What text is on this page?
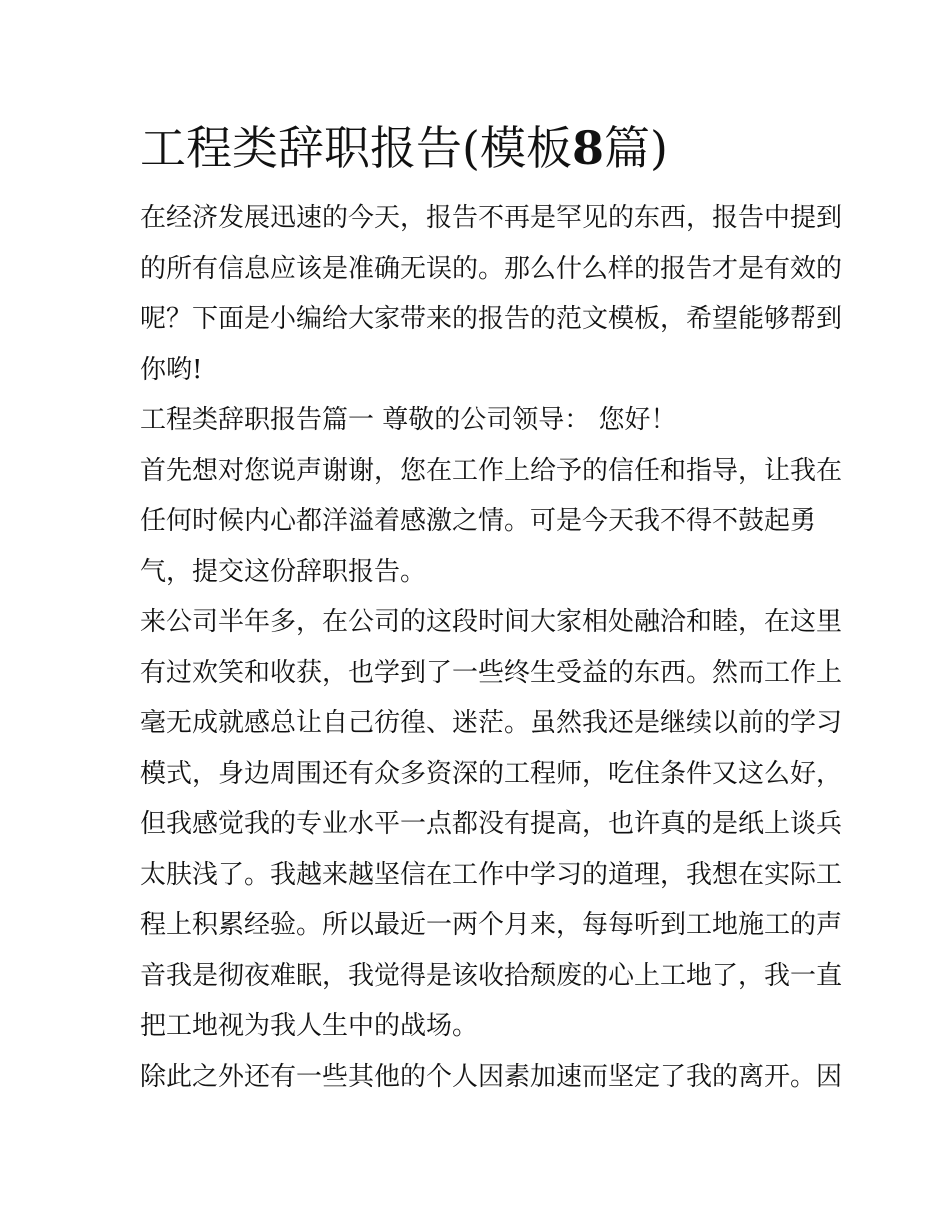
工程类辞职报告(模板8篇)
在经济发展迅速的今天，报告不再是罕见的东西，报告中提到
的所有信息应该是准确无误的。那么什么样的报告才是有效的
呢？下面是小编给大家带来的报告的范文模板，希望能够帮到
你哟!
工程类辞职报告篇一 尊敬的公司领导： 您好！
首先想对您说声谢谢，您在工作上给予的信任和指导，让我在
任何时候内心都洋溢着感激之情。可是今天我不得不鼓起勇
气，提交这份辞职报告。
来公司半年多，在公司的这段时间大家相处融洽和睦，在这里
有过欢笑和收获，也学到了一些终生受益的东西。然而工作上
毫无成就感总让自己彷徨、迷茫。虽然我还是继续以前的学习
模式，身边周围还有众多资深的工程师，吃住条件又这么好，
但我感觉我的专业水平一点都没有提高，也许真的是纸上谈兵
太肤浅了。我越来越坚信在工作中学习的道理，我想在实际工
程上积累经验。所以最近一两个月来，每每听到工地施工的声
音我是彻夜难眠，我觉得是该收拾颓废的心上工地了，我一直
把工地视为我人生中的战场。
除此之外还有一些其他的个人因素加速而坚定了我的离开。因
